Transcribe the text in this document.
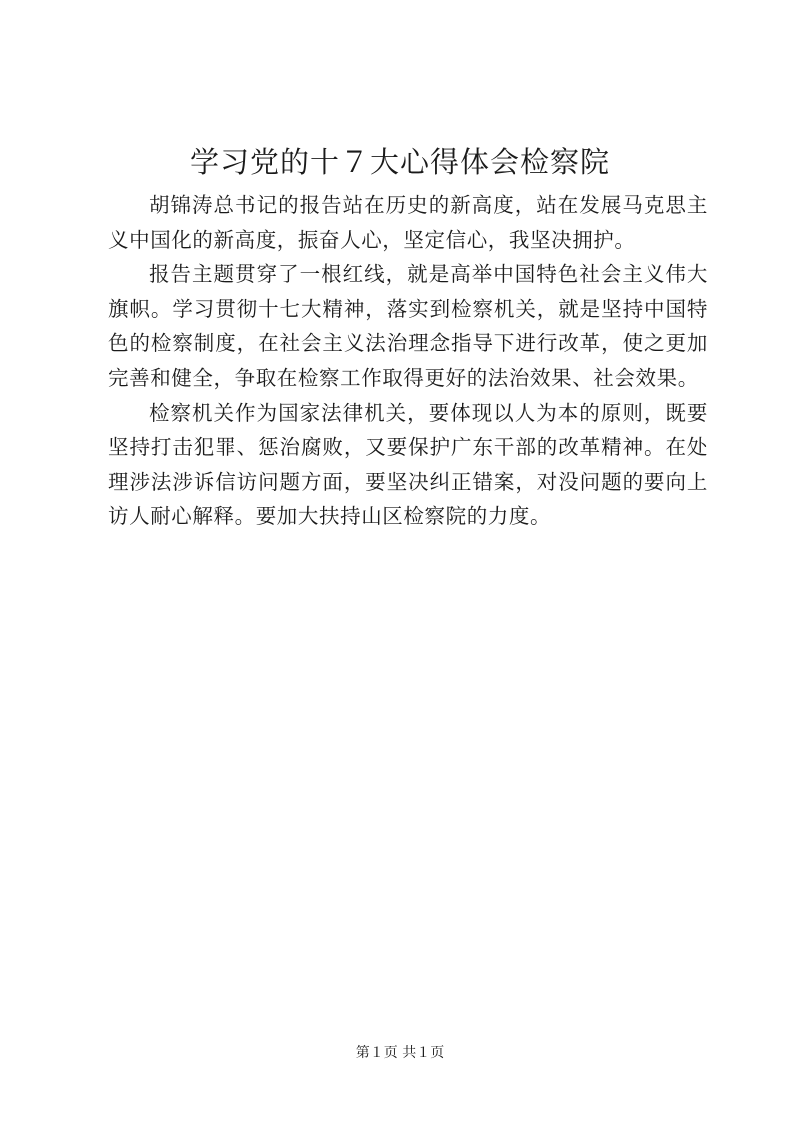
学习党的十７大心得体会检察院

胡锦涛总书记的报告站在历史的新高度，站在发展马克思主义中国化的新高度，振奋人心，坚定信心，我坚决拥护。

报告主题贯穿了一根红线，就是高举中国特色社会主义伟大旗帜。学习贯彻十七大精神，落实到检察机关，就是坚持中国特色的检察制度，在社会主义法治理念指导下进行改革，使之更加完善和健全，争取在检察工作取得更好的法治效果、社会效果。

检察机关作为国家法律机关，要体现以人为本的原则，既要坚持打击犯罪、惩治腐败，又要保护广东干部的改革精神。在处理涉法涉诉信访问题方面，要坚决纠正错案，对没问题的要向上访人耐心解释。要加大扶持山区检察院的力度。

第１页 共１页
